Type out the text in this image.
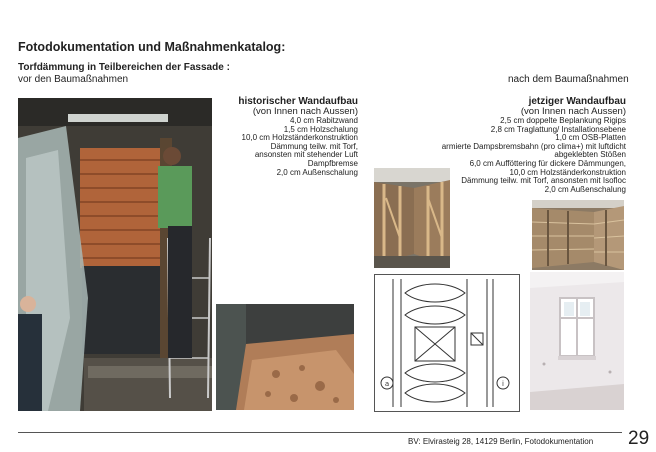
Fotodokumentation und Maßnahmenkatalog:
Torfdämmung in Teilbereichen der Fassade :
vor den Baumaßnahmen	nach dem Baumaßnahmen
historischer Wandaufbau
(von Innen nach Aussen)
4,0 cm Rabitzwand
1,5 cm Holzschalung
10,0 cm Holzständerkonstruktion
Dämmung teilw. mit Torf,
ansonsten mit stehender Luft
Dampfbremse
2,0 cm Außenschalung
jetziger Wandaufbau
(von Innen nach Aussen)
2,5 cm doppelte Beplankung Rigips
2,8 cm Traglattung/ Installationsebene
1,0 cm OSB-Platten
armierte Dampsbremsbahn (pro clima+) mit luftdicht
abgeklebten Stößen
6,0 cm Aufföttering für dickere Dämmungen,
10,0 cm Holzständerkonstruktion
Dämmung teilw. mit Torf, ansonsten mit Isofloc
2,0 cm Außenschalung
a	i
BV: Elvirasteig 28, 14129 Berlin, Fotodokumentation 29
